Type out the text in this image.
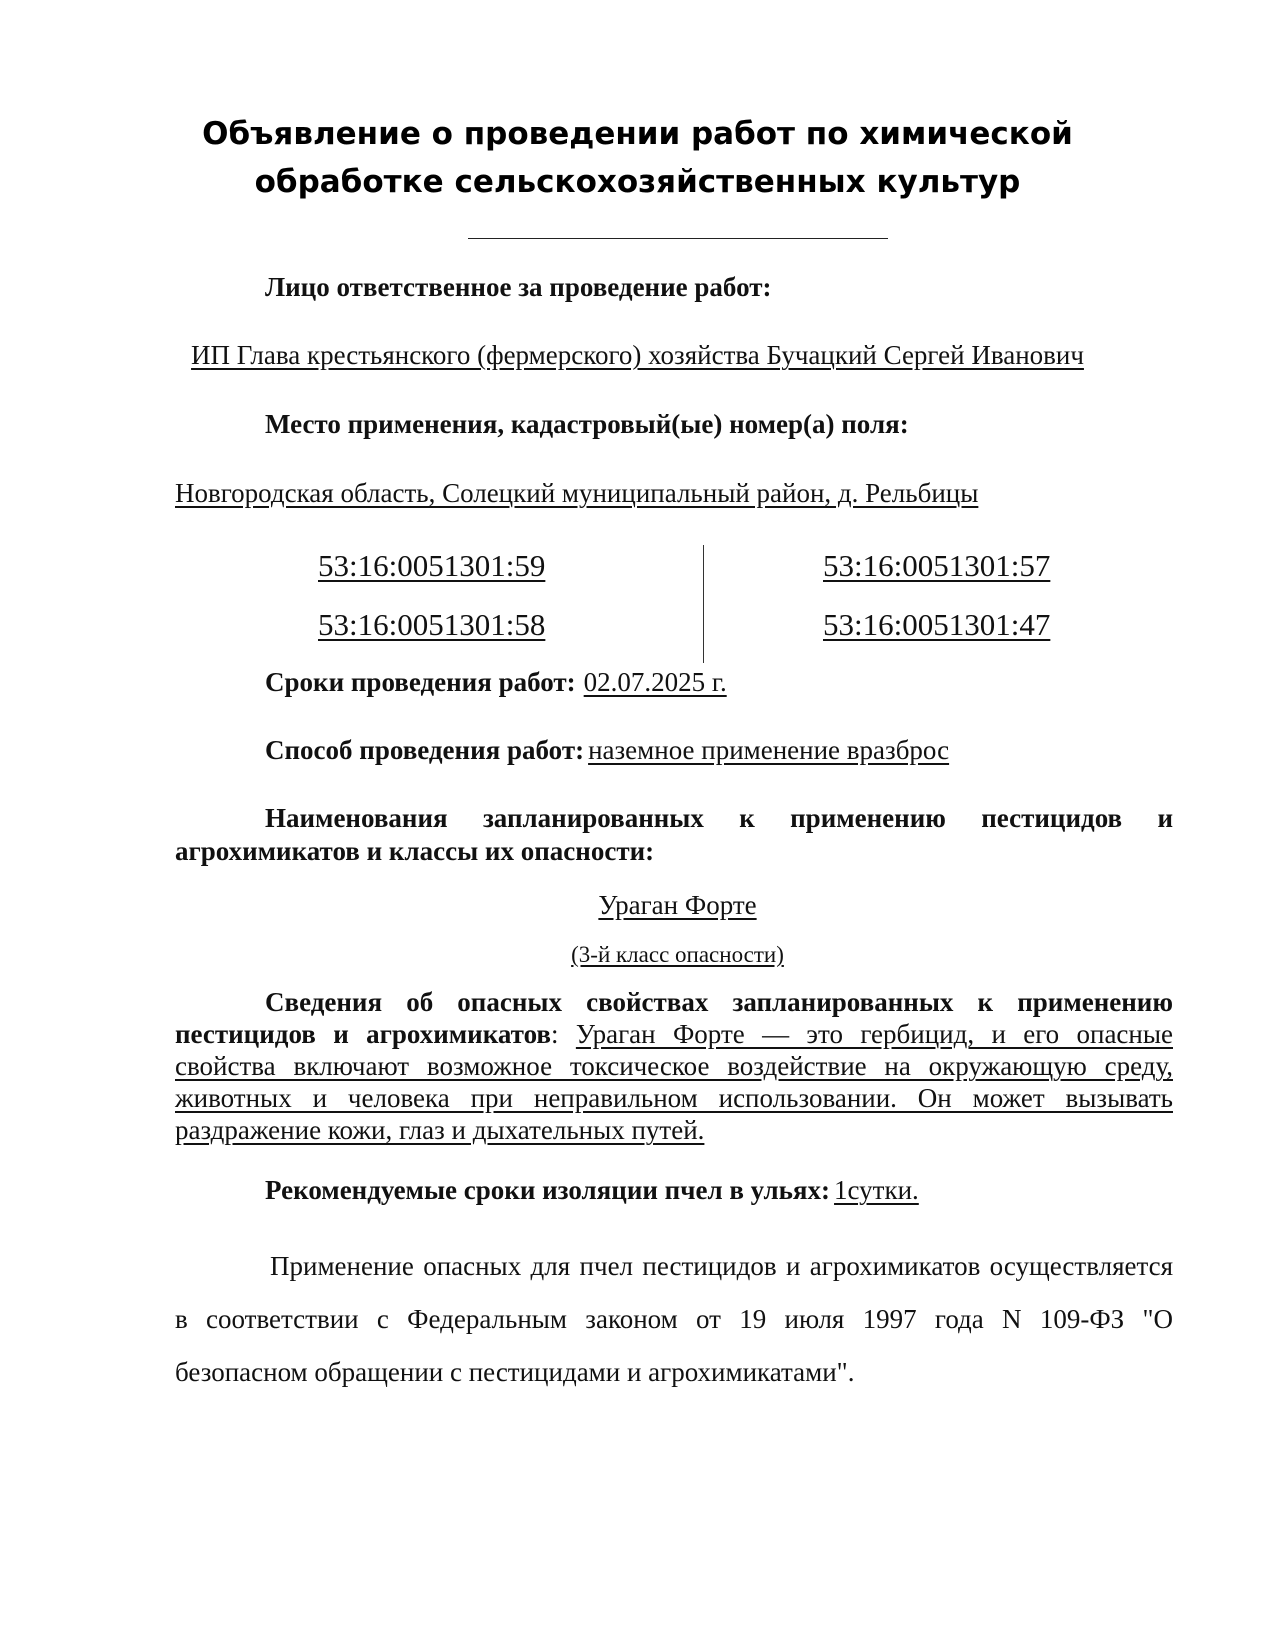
Объявление о проведении работ по химической
обработке сельскохозяйственных культур
Лицо ответственное за проведение работ:
ИП Глава крестьянского (фермерского) хозяйства Бучацкий Сергей Иванович
Место применения, кадастровый(ые) номер(а) поля:
Новгородская область, Солецкий муниципальный район, д. Рельбицы
53:16:0051301:59
53:16:0051301:58
53:16:0051301:57
53:16:0051301:47
Сроки проведения работ: 02.07.2025 г.
Способ проведения работ: наземное применение вразброс
Наименования запланированных к применению пестицидов и агрохимикатов и классы их опасности:
Ураган Форте
(3-й класс опасности)
Сведения об опасных свойствах запланированных к применению пестицидов и агрохимикатов: Ураган Форте — это гербицид, и его опасные свойства включают возможное токсическое воздействие на окружающую среду, животных и человека при неправильном использовании. Он может вызывать раздражение кожи, глаз и дыхательных путей.
Рекомендуемые сроки изоляции пчел в ульях: 1сутки.
Применение опасных для пчел пестицидов и агрохимикатов осуществляется в соответствии с Федеральным законом от 19 июля 1997 года N 109-ФЗ "О безопасном обращении с пестицидами и агрохимикатами".
